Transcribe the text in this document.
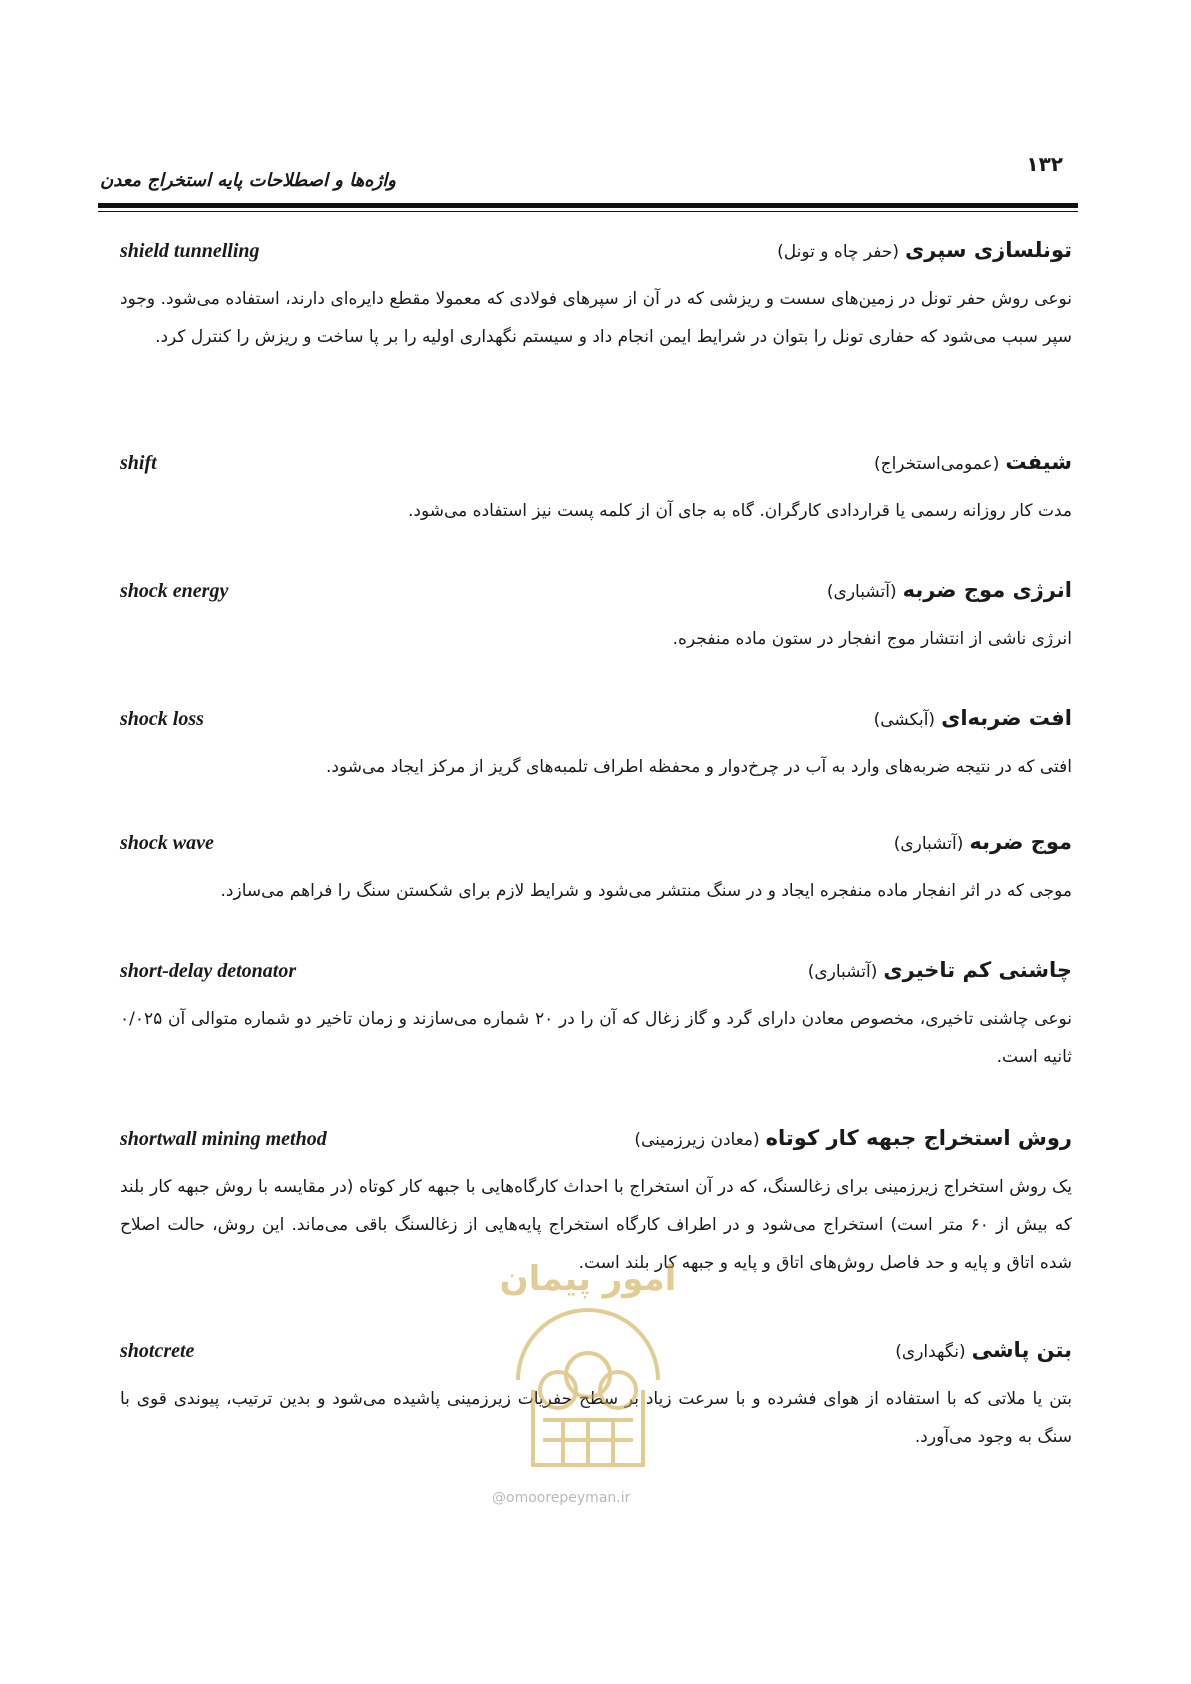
۱۳۲
واژه‌ها و اصطلاحات پایه استخراج معدن
shield tunnelling	تونلسازی سپری(حفر چاه و تونل)

نوعی روش حفر تونل در زمین‌های سست و ریزشی که در آن از سپرهای فولادی که معمولا مقطع دایره‌ای دارند، استفاده می‌شود. وجود سپر سبب می‌شود که حفاری تونل را بتوان در شرایط ایمن انجام داد و سیستم نگهداری اولیه را بر پا ساخت و ریزش را کنترل کرد.

shift	شیفت(عمومی‌استخراج)

مدت کار روزانه رسمی یا قراردادی کارگران. گاه به جای آن از کلمه پست نیز استفاده می‌شود.

shock energy	انرژی موج ضربه(آتشباری)

انرژی ناشی از انتشار موج انفجار در ستون ماده منفجره.

shock loss	افت ضربه‌ای(آبکشی)

افتی که در نتیجه ضربه‌های وارد به آب در چرخ‌دوار و محفظه اطراف تلمبه‌های گریز از مرکز ایجاد می‌شود.

shock wave	موج ضربه(آتشباری)

موجی که در اثر انفجار ماده منفجره ایجاد و در سنگ منتشر می‌شود و شرایط لازم برای شکستن سنگ را فراهم می‌سازد.

short-delay detonator	چاشنی کم تاخیری(آتشباری)

نوعی چاشنی تاخیری، مخصوص معادن دارای گرد و گاز زغال که آن را در ۲۰ شماره می‌سازند و زمان تاخیر دو شماره متوالی آن ۰/۰۲۵ ثانیه است.

shortwall mining method	روش استخراج جبهه کار کوتاه(معادن زیرزمینی)

یک روش استخراج زیرزمینی برای زغالسنگ، که در آن استخراج با احداث کارگاه‌هایی با جبهه کار کوتاه (در مقایسه با روش جبهه کار بلند که بیش از ۶۰ متر است) استخراج می‌شود و در اطراف کارگاه استخراج پایه‌هایی از زغالسنگ باقی می‌ماند. این روش، حالت اصلاح شده اتاق و پایه و حد فاصل روش‌های اتاق و پایه و جبهه کار بلند است.

shotcrete	بتن پاشی(نگهداری)

بتن یا ملاتی که با استفاده از هوای فشرده و با سرعت زیاد بر سطح حفریات زیرزمینی پاشیده می‌شود و بدین ترتیب، پیوندی قوی با سنگ به وجود می‌آورد.

امور پیمان
@omoorepeyman.ir
